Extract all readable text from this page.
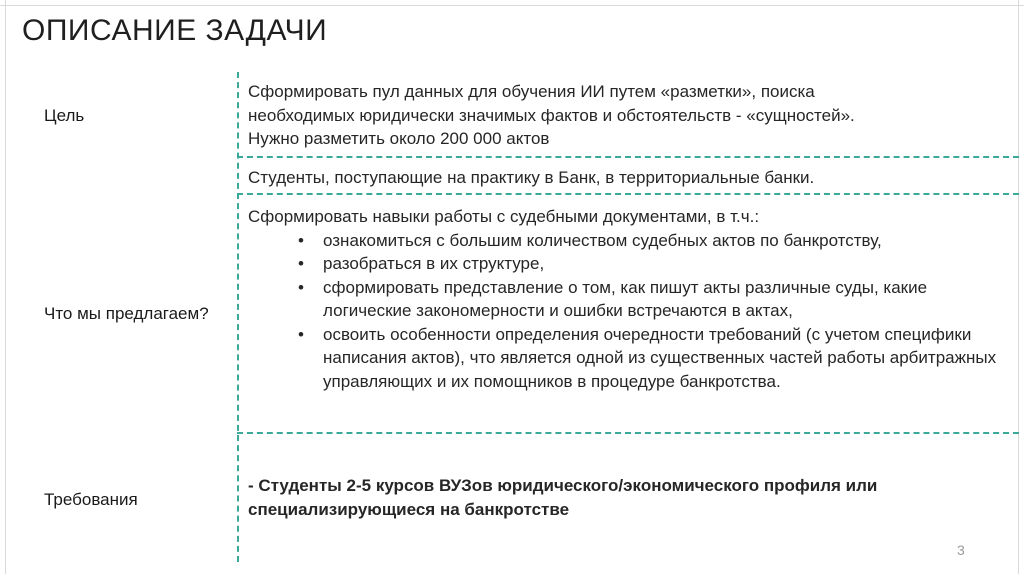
ОПИСАНИЕ ЗАДАЧИ
Цель
Сформировать пул данных для обучения ИИ путем «разметки», поиска
необходимых юридически значимых фактов и обстоятельств - «сущностей».
Нужно разметить около 200 000 актов
Студенты, поступающие на практику в Банк, в территориальные банки.
Что мы предлагаем?
Сформировать навыки работы с судебными документами, в т.ч.:
• ознакомиться с большим количеством судебных актов по банкротству,
• разобраться в их структуре,
• сформировать представление о том, как пишут акты различные суды, какие логические закономерности и ошибки встречаются в актах,
• освоить особенности определения очередности требований (с учетом специфики написания актов), что является одной из существенных частей работы арбитражных управляющих и их помощников в процедуре банкротства.
Требования
- Студенты 2-5 курсов ВУЗов юридического/экономического профиля или
специализирующиеся на банкротстве
3
